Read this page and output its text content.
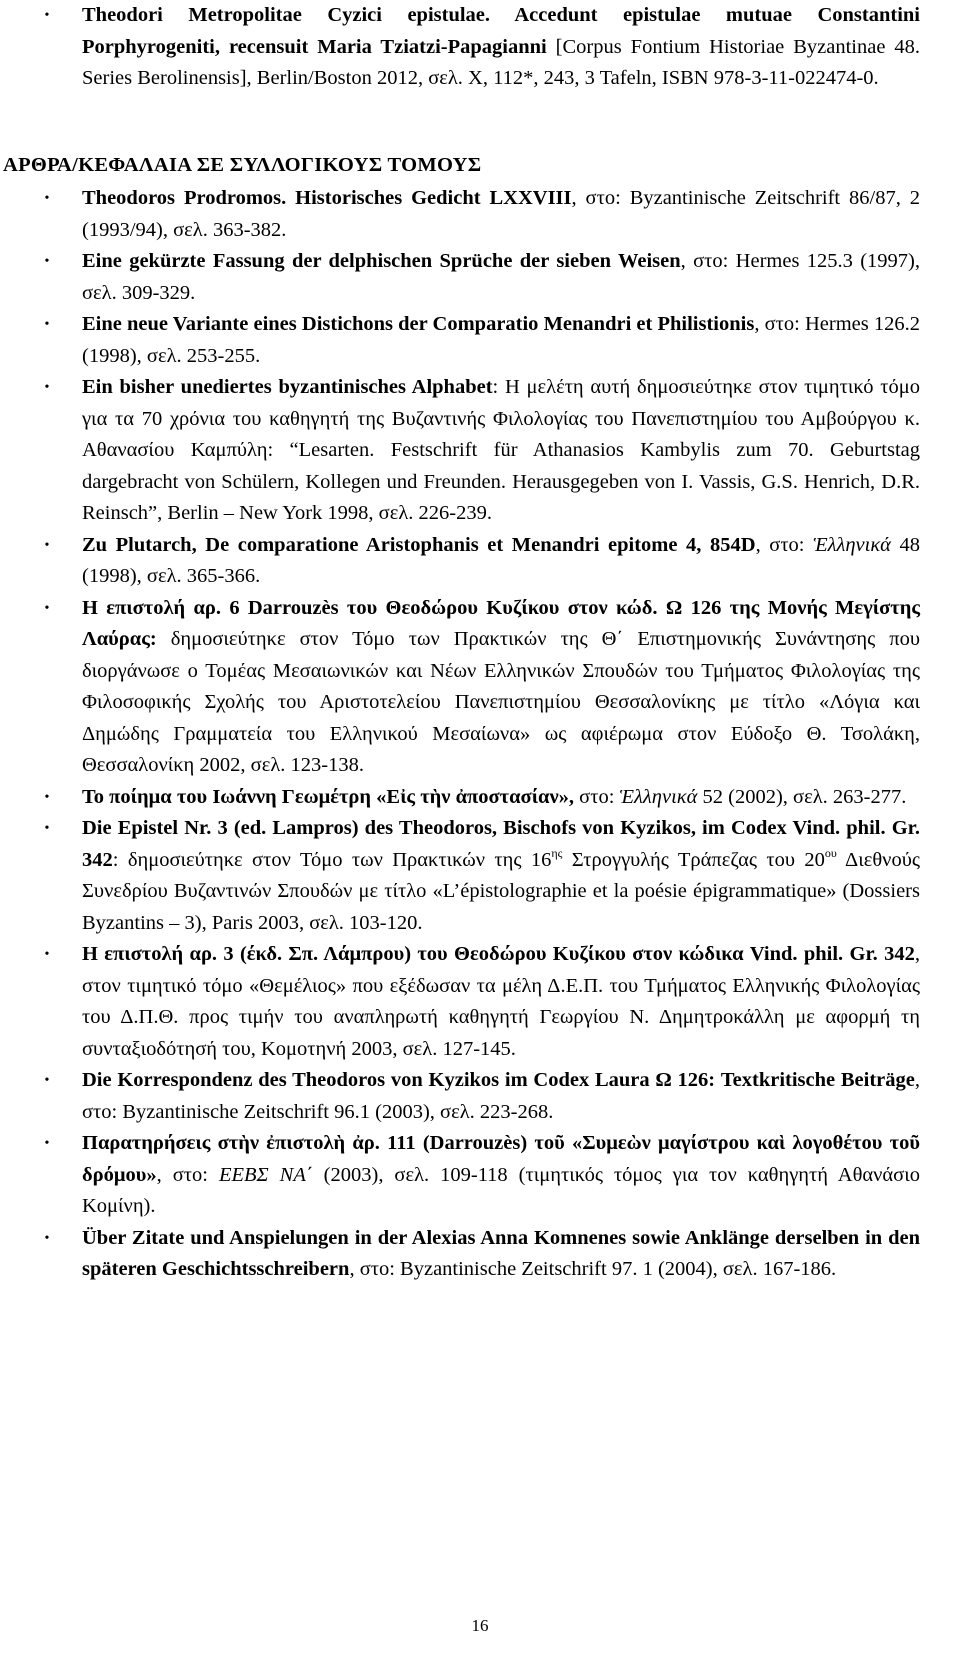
•	Theodori Metropolitae Cyzici epistulae. Accedunt epistulae mutuae Constantini Porphyrogeniti, recensuit Maria Tziatzi-Papagianni [Corpus Fontium Historiae Byzantinae 48. Series Berolinensis], Berlin/Boston 2012, σελ. X, 112*, 243, 3 Tafeln, ISBN 978-3-11-022474-0.
ΑΡΘΡΑ/ΚΕΦΑΛΑΙΑ ΣΕ ΣΥΛΛΟΓΙΚΟΥΣ ΤΟΜΟΥΣ
•	Theodoros Prodromos. Historisches Gedicht LXXVIII, στο: Byzantinische Zeitschrift 86/87, 2 (1993/94), σελ. 363-382.
•	Eine gekürzte Fassung der delphischen Sprüche der sieben Weisen, στο: Hermes 125.3 (1997), σελ. 309-329.
•	Eine neue Variante eines Distichons der Comparatio Menandri et Philistionis, στο: Hermes 126.2 (1998), σελ. 253-255.
•	Ein bisher unediertes byzantinisches Alphabet: Η μελέτη αυτή δημοσιεύτηκε στον τιμητικό τόμο για τα 70 χρόνια του καθηγητή της Βυζαντινής Φιλολογίας του Πανεπιστημίου του Αμβούργου κ. Αθανασίου Καμπύλη: “Lesarten. Festschrift für Athanasios Kambylis zum 70. Geburtstag dargebracht von Schülern, Kollegen und Freunden. Herausgegeben von I. Vassis, G.S. Henrich, D.R. Reinsch”, Berlin – New York 1998, σελ. 226-239.
•	Zu Plutarch, De comparatione Aristophanis et Menandri epitome 4, 854D, στο: Ἑλληνικά 48 (1998), σελ. 365-366.
•	Η επιστολή αρ. 6 Darrouzès του Θεοδώρου Κυζίκου στον κώδ. Ω 126 της Μονής Μεγίστης Λαύρας: δημοσιεύτηκε στον Τόμο των Πρακτικών της Θ΄ Επιστημονικής Συνάντησης που διοργάνωσε ο Τομέας Μεσαιωνικών και Νέων Ελληνικών Σπουδών του Τμήματος Φιλολογίας της Φιλοσοφικής Σχολής του Αριστοτελείου Πανεπιστημίου Θεσσαλονίκης με τίτλο «Λόγια και Δημώδης Γραμματεία του Ελληνικού Μεσαίωνα» ως αφιέρωμα στον Εύδοξο Θ. Τσολάκη, Θεσσαλονίκη 2002, σελ. 123-138.
•	Το ποίημα του Ιωάννη Γεωμέτρη «Εἰς τὴν ἀποστασίαν», στο: Ἑλληνικά 52 (2002), σελ. 263-277.
•	Die Epistel Nr. 3 (ed. Lampros) des Theodoros, Bischofs von Kyzikos, im Codex Vind. phil. Gr. 342: δημοσιεύτηκε στον Τόμο των Πρακτικών της $16^{\eta\varsigma}$ Στρογγυλής Τράπεζας του $20^{o\upsilon}$ Διεθνούς Συνεδρίου Βυζαντινών Σπουδών με τίτλο «L’épistolographie et la poésie épigrammatique» (Dossiers Byzantins – 3), Paris 2003, σελ. 103-120.
•	Η επιστολή αρ. 3 (έκδ. Σπ. Λάμπρου) του Θεοδώρου Κυζίκου στον κώδικα Vind. phil. Gr. 342, στον τιμητικό τόμο «Θεμέλιος» που εξέδωσαν τα μέλη Δ.Ε.Π. του Τμήματος Ελληνικής Φιλολογίας του Δ.Π.Θ. προς τιμήν του αναπληρωτή καθηγητή Γεωργίου Ν. Δημητροκάλλη με αφορμή τη συνταξιοδότησή του, Κομοτηνή 2003, σελ. 127-145.
•	Die Korrespondenz des Theodoros von Kyzikos im Codex Laura Ω 126: Textkritische Beiträge, στο: Byzantinische Zeitschrift 96.1 (2003), σελ. 223-268.
•	Παρατηρήσεις στὴν ἐπιστολὴ ἀρ. 111 (Darrouzès) τοῦ «Συμεὼν μαγίστρου καὶ λογοθέτου τοῦ δρόμου», στο: ΕΕΒΣ ΝΑ΄ (2003), σελ. 109-118 (τιμητικός τόμος για τον καθηγητή Αθανάσιο Κομίνη).
•	Über Zitate und Anspielungen in der Alexias Anna Komnenes sowie Anklänge derselben in den späteren Geschichtsschreibern, στο: Byzantinische Zeitschrift 97. 1 (2004), σελ. 167-186.
16
